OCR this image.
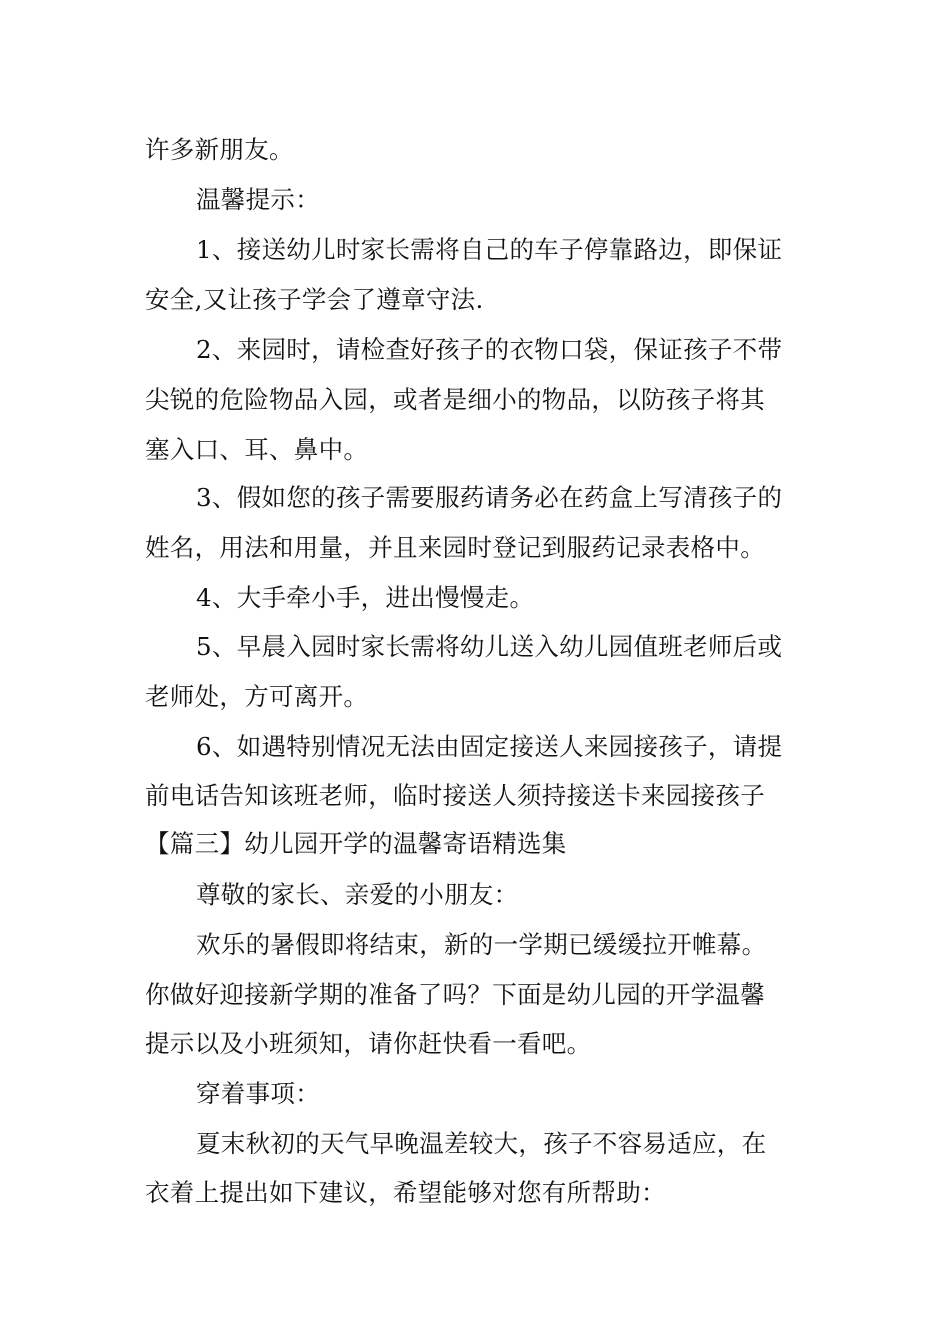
许多新朋友。
温馨提示：
1、接送幼儿时家长需将自己的车子停靠路边，即保证
安全,又让孩子学会了遵章守法.
2、来园时，请检查好孩子的衣物口袋，保证孩子不带
尖锐的危险物品入园，或者是细小的物品，以防孩子将其
塞入口、耳、鼻中。
3、假如您的孩子需要服药请务必在药盒上写清孩子的
姓名，用法和用量，并且来园时登记到服药记录表格中。
4、大手牵小手，进出慢慢走。
5、早晨入园时家长需将幼儿送入幼儿园值班老师后或
老师处，方可离开。
6、如遇特别情况无法由固定接送人来园接孩子，请提
前电话告知该班老师，临时接送人须持接送卡来园接孩子
【篇三】幼儿园开学的温馨寄语精选集
尊敬的家长、亲爱的小朋友：
欢乐的暑假即将结束，新的一学期已缓缓拉开帷幕。
你做好迎接新学期的准备了吗？下面是幼儿园的开学温馨
提示以及小班须知，请你赶快看一看吧。
穿着事项：
夏末秋初的天气早晚温差较大，孩子不容易适应，在
衣着上提出如下建议，希望能够对您有所帮助：
